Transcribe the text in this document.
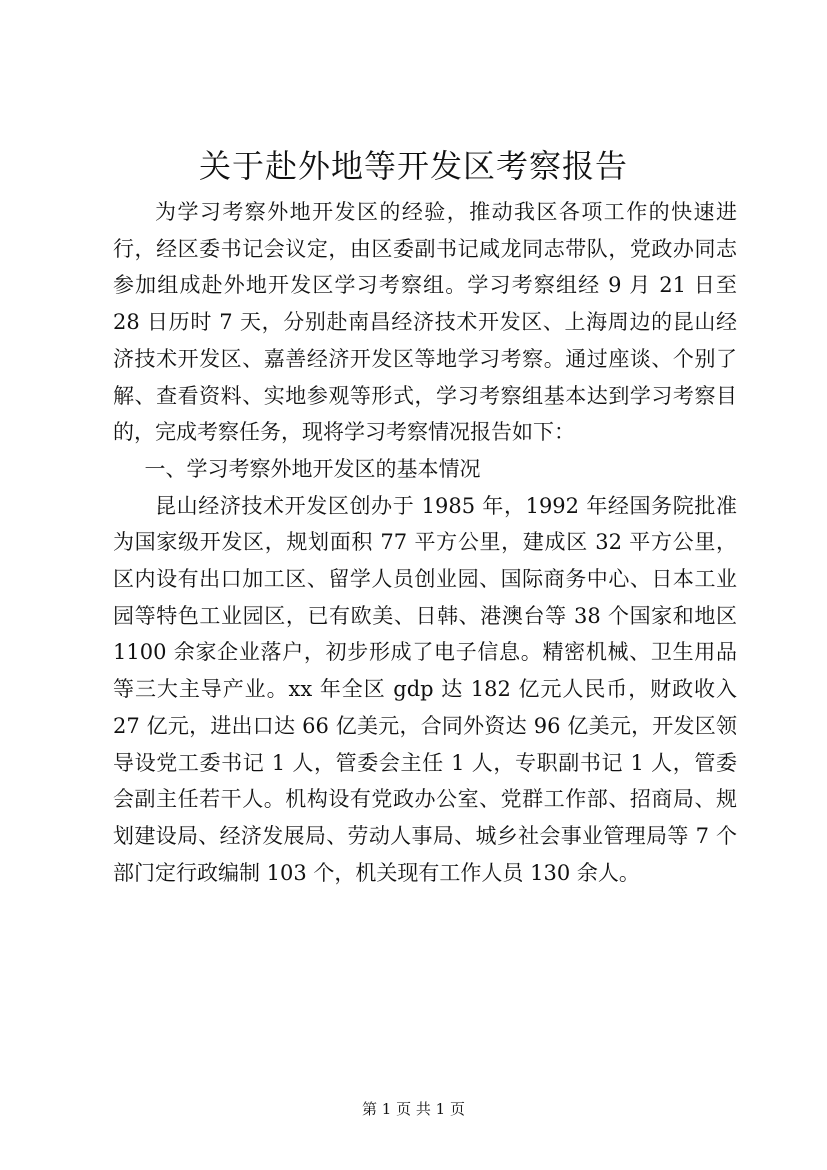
关于赴外地等开发区考察报告

为学习考察外地开发区的经验，推动我区各项工作的快速进行，经区委书记会议定，由区委副书记咸龙同志带队，党政办同志参加组成赴外地开发区学习考察组。学习考察组经 9 月 21 日至 28 日历时 7 天，分别赴南昌经济技术开发区、上海周边的昆山经济技术开发区、嘉善经济开发区等地学习考察。通过座谈、个别了解、查看资料、实地参观等形式，学习考察组基本达到学习考察目的，完成考察任务，现将学习考察情况报告如下：

一、学习考察外地开发区的基本情况

昆山经济技术开发区创办于 1985 年，1992 年经国务院批准为国家级开发区，规划面积 77 平方公里，建成区 32 平方公里，区内设有出口加工区、留学人员创业园、国际商务中心、日本工业园等特色工业园区，已有欧美、日韩、港澳台等 38 个国家和地区 1100 余家企业落户，初步形成了电子信息。精密机械、卫生用品等三大主导产业。xx 年全区 gdp 达 182 亿元人民币，财政收入 27 亿元，进出口达 66 亿美元，合同外资达 96 亿美元，开发区领导设党工委书记 1 人，管委会主任 1 人，专职副书记 1 人，管委会副主任若干人。机构设有党政办公室、党群工作部、招商局、规划建设局、经济发展局、劳动人事局、城乡社会事业管理局等 7 个部门定行政编制 103 个，机关现有工作人员 130 余人。

第 1 页 共 1 页
